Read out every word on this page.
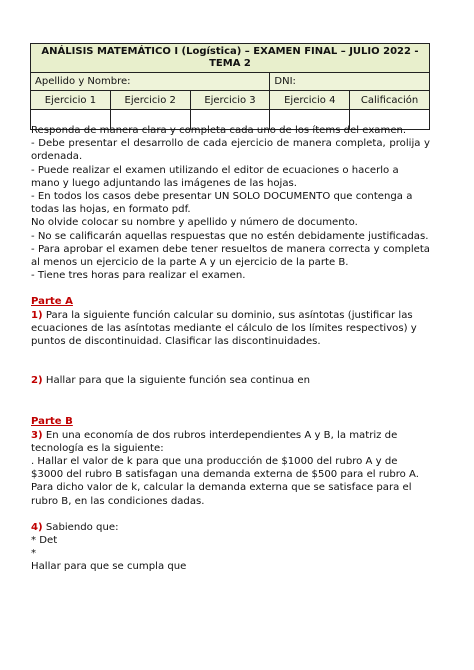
ANÁLISIS MATEMÁTICO I (Logística) – EXAMEN FINAL – JULIO 2022 -
TEMA 2				
Apellido y Nombre:			DNI:	
Ejercicio 1	Ejercicio 2	Ejercicio 3	Ejercicio 4	Calificación

Responda de manera clara y completa cada uno de los ítems del examen.

- Debe presentar el desarrollo de cada ejercicio de manera completa, prolija y ordenada.

- Puede realizar el examen utilizando el editor de ecuaciones o hacerlo a mano y luego adjuntando las imágenes de las hojas.

- En todos los casos debe presentar UN SOLO DOCUMENTO que contenga a todas las hojas, en formato pdf.

No olvide colocar su nombre y apellido y número de documento.

- No se calificarán aquellas respuestas que no estén debidamente justificadas.

- Para aprobar el examen debe tener resueltos de manera correcta y completa al menos un ejercicio de la parte A y un ejercicio de la parte B.

- Tiene tres horas para realizar el examen.

Parte A

1) Para la siguiente función calcular su dominio, sus asíntotas (justificar las ecuaciones de las asíntotas mediante el cálculo de los límites respectivos) y puntos de discontinuidad. Clasificar las discontinuidades.

2) Hallar para que la siguiente función sea continua en

Parte B

3) En una economía de dos rubros interdependientes A y B, la matriz de tecnología es la siguiente:

. Hallar el valor de k para que una producción de $1000 del rubro A y de $3000 del rubro B satisfagan una demanda externa de $500 para el rubro A.

Para dicho valor de k, calcular la demanda externa que se satisface para el rubro B, en las condiciones dadas.

4) Sabiendo que:

* Det

*

Hallar para que se cumpla que
